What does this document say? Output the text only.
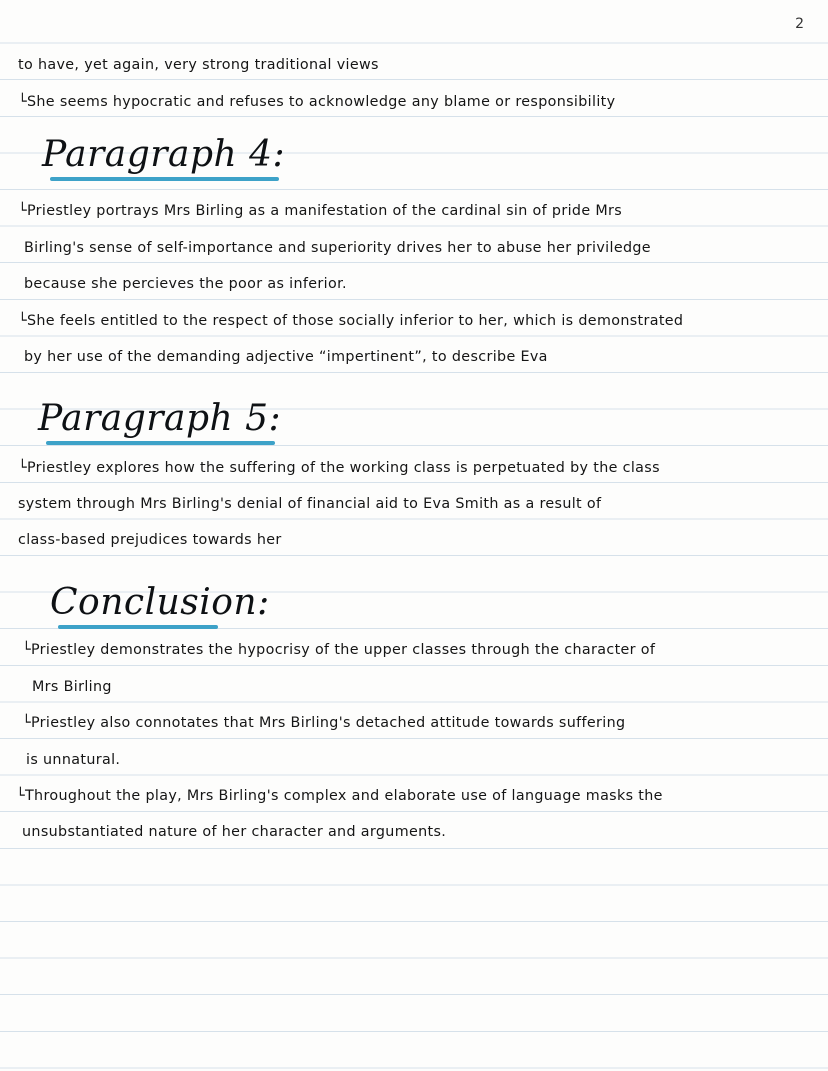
2
to have, yet again, very strong traditional views
└She seems hypocratic and refuses to acknowledge any blame or responsibility
Paragraph 4:
└Priestley portrays Mrs Birling as a manifestation of the cardinal sin of pride Mrs
Birling's sense of self-importance and superiority drives her to abuse her priviledge
because she percieves the poor as inferior.
└She feels entitled to the respect of those socially inferior to her, which is demonstrated
by her use of the demanding adjective “impertinent”, to describe Eva
Paragraph 5:
└Priestley explores how the suffering of the working class is perpetuated by the class
system through Mrs Birling's denial of financial aid to Eva Smith as a result of
class-based prejudices towards her
Conclusion:
└Priestley demonstrates the hypocrisy of the upper classes through the character of
Mrs Birling
└Priestley also connotates that Mrs Birling's detached attitude towards suffering
is unnatural.
└Throughout the play, Mrs Birling's complex and elaborate use of language masks the
unsubstantiated nature of her character and arguments.
